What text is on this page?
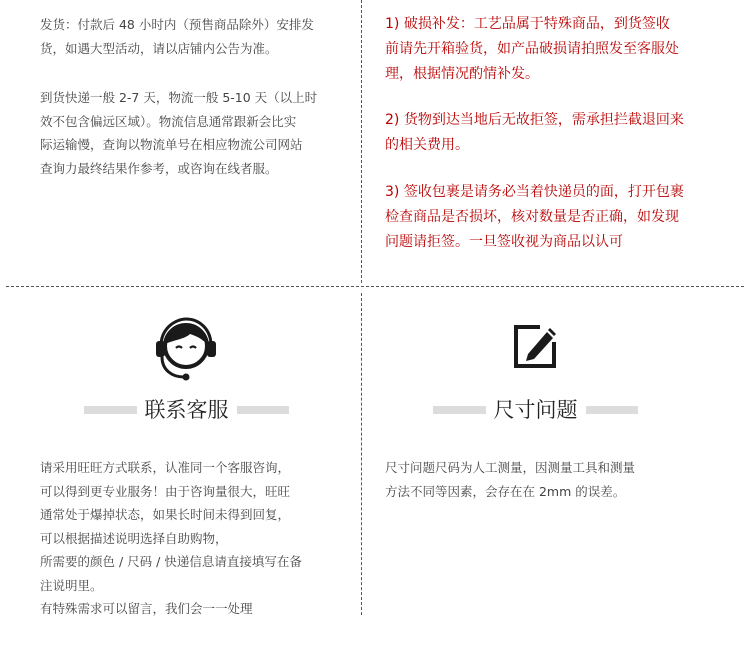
发货：付款后 48 小时内（预售商品除外）安排发
货，如遇大型活动，请以店铺内公告为准。

到货快递一般 2-7 天，物流一般 5-10 天（以上时
效不包含偏远区域）。物流信息通常跟新会比实
际运输慢，查询以物流单号在相应物流公司网站
查询力最终结果作参考，或咨询在线者服。

1) 破损补发：工艺品属于特殊商品，到货签收
前请先开箱验货，如产品破损请拍照发至客服处
理，根据情况酌情补发。

2) 货物到达当地后无故拒签，需承担拦截退回来
的相关费用。

3) 签收包裹是请务必当着快递员的面，打开包裹
检查商品是否损坏，核对数量是否正确，如发现
问题请拒签。一旦签收视为商品以认可

联系客服

请采用旺旺方式联系，认准同一个客服咨询，
可以得到更专业服务！由于咨询量很大，旺旺
通常处于爆掉状态，如果长时间未得到回复，
可以根据描述说明选择自助购物，
所需要的颜色 / 尺码 / 快递信息请直接填写在备
注说明里。
有特殊需求可以留言，我们会一一处理

尺寸问题

尺寸问题尺码为人工测量，因测量工具和测量
方法不同等因素，会存在在 2mm 的误差。
